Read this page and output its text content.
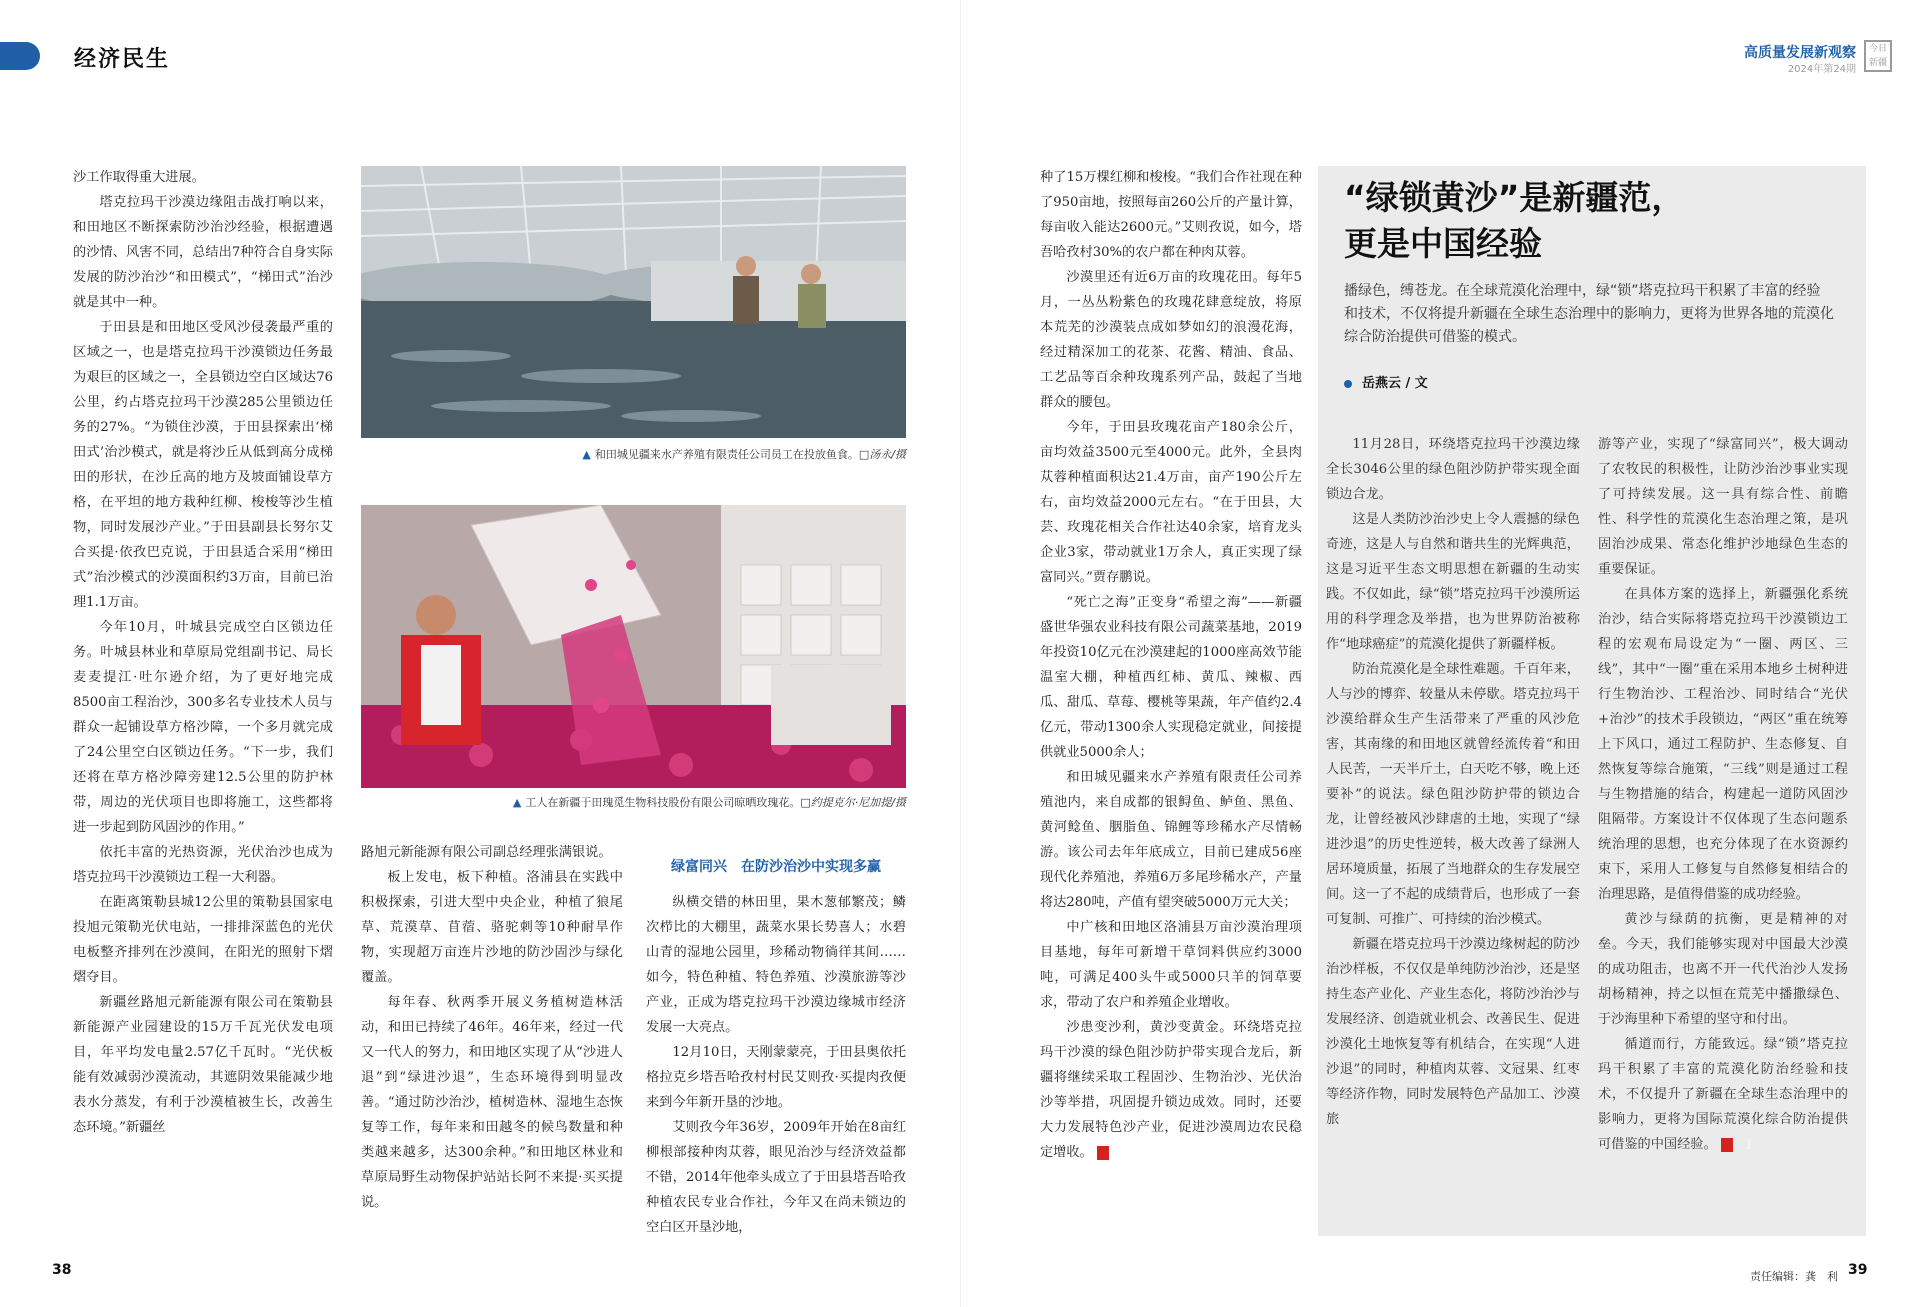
经济民生	高质量发展新观察
2024年第24期
今日
新疆

沙工作取得重大进展。

塔克拉玛干沙漠边缘阻击战打响以来，和田地区不断探索防沙治沙经验，根据遭遇的沙情、风害不同，总结出7种符合自身实际发展的防沙治沙“和田模式”，“梯田式”治沙就是其中一种。

于田县是和田地区受风沙侵袭最严重的区域之一，也是塔克拉玛干沙漠锁边任务最为艰巨的区域之一，全县锁边空白区域达76公里，约占塔克拉玛干沙漠285公里锁边任务的27%。“为锁住沙漠，于田县探索出‘梯田式’治沙模式，就是将沙丘从低到高分成梯田的形状，在沙丘高的地方及坡面铺设草方格，在平坦的地方栽种红柳、梭梭等沙生植物，同时发展沙产业。”于田县副县长努尔艾合买提·依孜巴克说，于田县适合采用“梯田式”治沙模式的沙漠面积约3万亩，目前已治理1.1万亩。

今年10月，叶城县完成空白区锁边任务。叶城县林业和草原局党组副书记、局长麦麦提江·吐尔逊介绍，为了更好地完成8500亩工程治沙，300多名专业技术人员与群众一起铺设草方格沙障，一个多月就完成了24公里空白区锁边任务。“下一步，我们还将在草方格沙障旁建12.5公里的防护林带，周边的光伏项目也即将施工，这些都将进一步起到防风固沙的作用。”

依托丰富的光热资源，光伏治沙也成为塔克拉玛干沙漠锁边工程一大利器。

在距离策勒县城12公里的策勒县国家电投旭元策勒光伏电站，一排排深蓝色的光伏电板整齐排列在沙漠间，在阳光的照射下熠熠夺目。

新疆丝路旭元新能源有限公司在策勒县新能源产业园建设的15万千瓦光伏发电项目，年平均发电量2.57亿千瓦时。“光伏板能有效减弱沙漠流动，其遮阴效果能减少地表水分蒸发，有利于沙漠植被生长，改善生态环境。”新疆丝

▲ 和田城见疆来水产养殖有限责任公司员工在投放鱼食。□汤永/摄
▲ 工人在新疆于田瑰觅生物科技股份有限公司晾晒玫瑰花。□约提克尔·尼加提/摄

路旭元新能源有限公司副总经理张满银说。

板上发电，板下种植。洛浦县在实践中积极探索，引进大型中央企业，种植了狼尾草、荒漠草、苜蓿、骆驼刺等10种耐旱作物，实现超万亩连片沙地的防沙固沙与绿化覆盖。

每年春、秋两季开展义务植树造林活动，和田已持续了46年。46年来，经过一代又一代人的努力，和田地区实现了从“沙进人退”到“绿进沙退”，生态环境得到明显改善。“通过防沙治沙，植树造林、湿地生态恢复等工作，每年来和田越冬的候鸟数量和种类越来越多，达300余种。”和田地区林业和草原局野生动物保护站站长阿不来提·买买提说。

绿富同兴　在防沙治沙中实现多赢

纵横交错的林田里，果木葱郁繁茂；鳞次栉比的大棚里，蔬菜水果长势喜人；水碧山青的湿地公园里，珍稀动物徜徉其间……如今，特色种植、特色养殖、沙漠旅游等沙产业，正成为塔克拉玛干沙漠边缘城市经济发展一大亮点。

12月10日，天刚蒙蒙亮，于田县奥依托格拉克乡塔吾哈孜村村民艾则孜·买提肉孜便来到今年新开垦的沙地。

艾则孜今年36岁，2009年开始在8亩红柳根部接种肉苁蓉，眼见治沙与经济效益都不错，2014年他牵头成立了于田县塔吾哈孜种植农民专业合作社，今年又在尚未锁边的空白区开垦沙地，

种了15万棵红柳和梭梭。“我们合作社现在种了950亩地，按照每亩260公斤的产量计算，每亩收入能达2600元。”艾则孜说，如今，塔吾哈孜村30%的农户都在种肉苁蓉。

沙漠里还有近6万亩的玫瑰花田。每年5月，一丛丛粉紫色的玫瑰花肆意绽放，将原本荒芜的沙漠装点成如梦如幻的浪漫花海，经过精深加工的花茶、花酱、精油、食品、工艺品等百余种玫瑰系列产品，鼓起了当地群众的腰包。

今年，于田县玫瑰花亩产180余公斤，亩均效益3500元至4000元。此外，全县肉苁蓉种植面积达21.4万亩，亩产190公斤左右，亩均效益2000元左右。“在于田县，大芸、玫瑰花相关合作社达40余家，培育龙头企业3家，带动就业1万余人，真正实现了绿富同兴。”贾存鹏说。

“死亡之海”正变身“希望之海”——新疆盛世华强农业科技有限公司蔬菜基地，2019年投资10亿元在沙漠建起的1000座高效节能温室大棚，种植西红柿、黄瓜、辣椒、西瓜、甜瓜、草莓、樱桃等果蔬，年产值约2.4亿元，带动1300余人实现稳定就业，间接提供就业5000余人；

和田城见疆来水产养殖有限责任公司养殖池内，来自成都的银鲟鱼、鲈鱼、黑鱼、黄河鲶鱼、胭脂鱼、锦鲤等珍稀水产尽情畅游。该公司去年年底成立，目前已建成56座现代化养殖池，养殖6万多尾珍稀水产，产量将达280吨，产值有望突破5000万元大关；

中广核和田地区洛浦县万亩沙漠治理项目基地，每年可新增干草饲料供应约3000吨，可满足400头牛或5000只羊的饲草要求，带动了农户和养殖企业增收。

沙患变沙利，黄沙变黄金。环绕塔克拉玛干沙漠的绿色阻沙防护带实现合龙后，新疆将继续采取工程固沙、生物治沙、光伏治沙等举措，巩固提升锁边成效。同时，还要大力发展特色沙产业，促进沙漠周边农民稳定增收。	J

“绿锁黄沙”是新疆范，
更是中国经验
播绿色，缚苍龙。在全球荒漠化治理中，绿“锁”塔克拉玛干积累了丰富的经验和技术，不仅将提升新疆在全球生态治理中的影响力，更将为世界各地的荒漠化综合防治提供可借鉴的模式。
岳燕云 / 文

11月28日，环绕塔克拉玛干沙漠边缘全长3046公里的绿色阻沙防护带实现全面锁边合龙。

这是人类防沙治沙史上令人震撼的绿色奇迹，这是人与自然和谐共生的光辉典范，这是习近平生态文明思想在新疆的生动实践。不仅如此，绿“锁”塔克拉玛干沙漠所运用的科学理念及举措，也为世界防治被称作“地球癌症”的荒漠化提供了新疆样板。

防治荒漠化是全球性难题。千百年来，人与沙的博弈、较量从未停歇。塔克拉玛干沙漠给群众生产生活带来了严重的风沙危害，其南缘的和田地区就曾经流传着“和田人民苦，一天半斤土，白天吃不够，晚上还要补”的说法。绿色阻沙防护带的锁边合龙，让曾经被风沙肆虐的土地，实现了“绿进沙退”的历史性逆转，极大改善了绿洲人居环境质量，拓展了当地群众的生存发展空间。这一了不起的成绩背后，也形成了一套可复制、可推广、可持续的治沙模式。

新疆在塔克拉玛干沙漠边缘树起的防沙治沙样板，不仅仅是单纯防沙治沙，还是坚持生态产业化、产业生态化，将防沙治沙与发展经济、创造就业机会、改善民生、促进沙漠化土地恢复等有机结合，在实现“人进沙退”的同时，种植肉苁蓉、文冠果、红枣等经济作物，同时发展特色产品加工、沙漠旅

游等产业，实现了“绿富同兴”，极大调动了农牧民的积极性，让防沙治沙事业实现了可持续发展。这一具有综合性、前瞻性、科学性的荒漠化生态治理之策，是巩固治沙成果、常态化维护沙地绿色生态的重要保证。

在具体方案的选择上，新疆强化系统治沙，结合实际将塔克拉玛干沙漠锁边工程的宏观布局设定为“一圈、两区、三线”，其中“一圈”重在采用本地乡土树种进行生物治沙、工程治沙、同时结合“光伏+治沙”的技术手段锁边，“两区”重在统筹上下风口，通过工程防护、生态修复、自然恢复等综合施策，“三线”则是通过工程与生物措施的结合，构建起一道防风固沙阻隔带。方案设计不仅体现了生态问题系统治理的思想，也充分体现了在水资源约束下，采用人工修复与自然修复相结合的治理思路，是值得借鉴的成功经验。

黄沙与绿荫的抗衡，更是精神的对垒。今天，我们能够实现对中国最大沙漠的成功阻击，也离不开一代代治沙人发扬胡杨精神，持之以恒在荒芜中播撒绿色、于沙海里种下希望的坚守和付出。

循道而行，方能致远。绿“锁”塔克拉玛干积累了丰富的荒漠化防治经验和技术，不仅提升了新疆在全球生态治理中的影响力，更将为国际荒漠化综合防治提供可借鉴的中国经验。	J

38	责任编辑：龚　利 39
